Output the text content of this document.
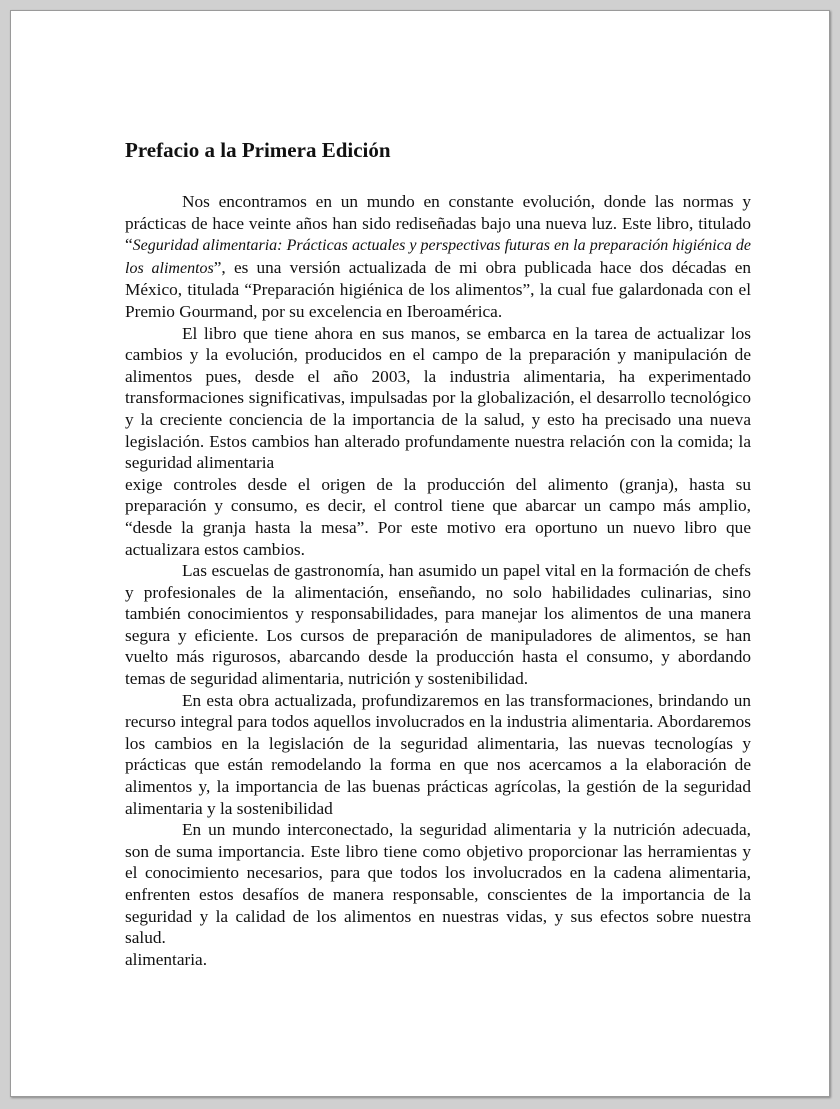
Prefacio a la Primera Edición

Nos encontramos en un mundo en constante evolución, donde las normas y prácticas de hace veinte años han sido rediseñadas bajo una nueva luz. Este libro, titulado “Seguridad alimentaria: Prácticas actuales y perspectivas futuras en la preparación higiénica de los alimentos”, es una versión actualizada de mi obra publicada hace dos décadas en México, titulada “Preparación higiénica de los alimentos”, la cual fue galardonada con el Premio Gourmand, por su excelencia en Iberoamérica.

El libro que tiene ahora en sus manos, se embarca en la tarea de actualizar los cambios y la evolución, producidos en el campo de la preparación y manipulación de alimentos pues, desde el año 2003, la industria alimentaria, ha experimentado transformaciones significativas, impulsadas por la globalización, el desarrollo tecnológico y la creciente conciencia de la importancia de la salud, y esto ha precisado una nueva legislación. Estos cambios han alterado profundamente nuestra relación con la comida; la seguridad alimentaria

exige controles desde el origen de la producción del alimento (granja), hasta su preparación y consumo, es decir, el control tiene que abarcar un campo más amplio, “desde la granja hasta la mesa”. Por este motivo era oportuno un nuevo libro que actualizara estos cambios.

Las escuelas de gastronomía, han asumido un papel vital en la formación de chefs y profesionales de la alimentación, enseñando, no solo habilidades culinarias, sino también conocimientos y responsabilidades, para manejar los alimentos de una manera segura y eficiente. Los cursos de preparación de manipuladores de alimentos, se han vuelto más rigurosos, abarcando desde la producción hasta el consumo, y abordando temas de seguridad alimentaria, nutrición y sostenibilidad.

En esta obra actualizada, profundizaremos en las transformaciones, brindando un recurso integral para todos aquellos involucrados en la industria alimentaria. Abordaremos los cambios en la legislación de la seguridad alimentaria, las nuevas tecnologías y prácticas que están remodelando la forma en que nos acercamos a la elaboración de alimentos y, la importancia de las buenas prácticas agrícolas, la gestión de la seguridad alimentaria y la sostenibilidad

En un mundo interconectado, la seguridad alimentaria y la nutrición adecuada, son de suma importancia. Este libro tiene como objetivo proporcionar las herramientas y el conocimiento necesarios, para que todos los involucrados en la cadena alimentaria, enfrenten estos desafíos de manera responsable, conscientes de la importancia de la seguridad y la calidad de los alimentos en nuestras vidas, y sus efectos sobre nuestra salud.

alimentaria.
